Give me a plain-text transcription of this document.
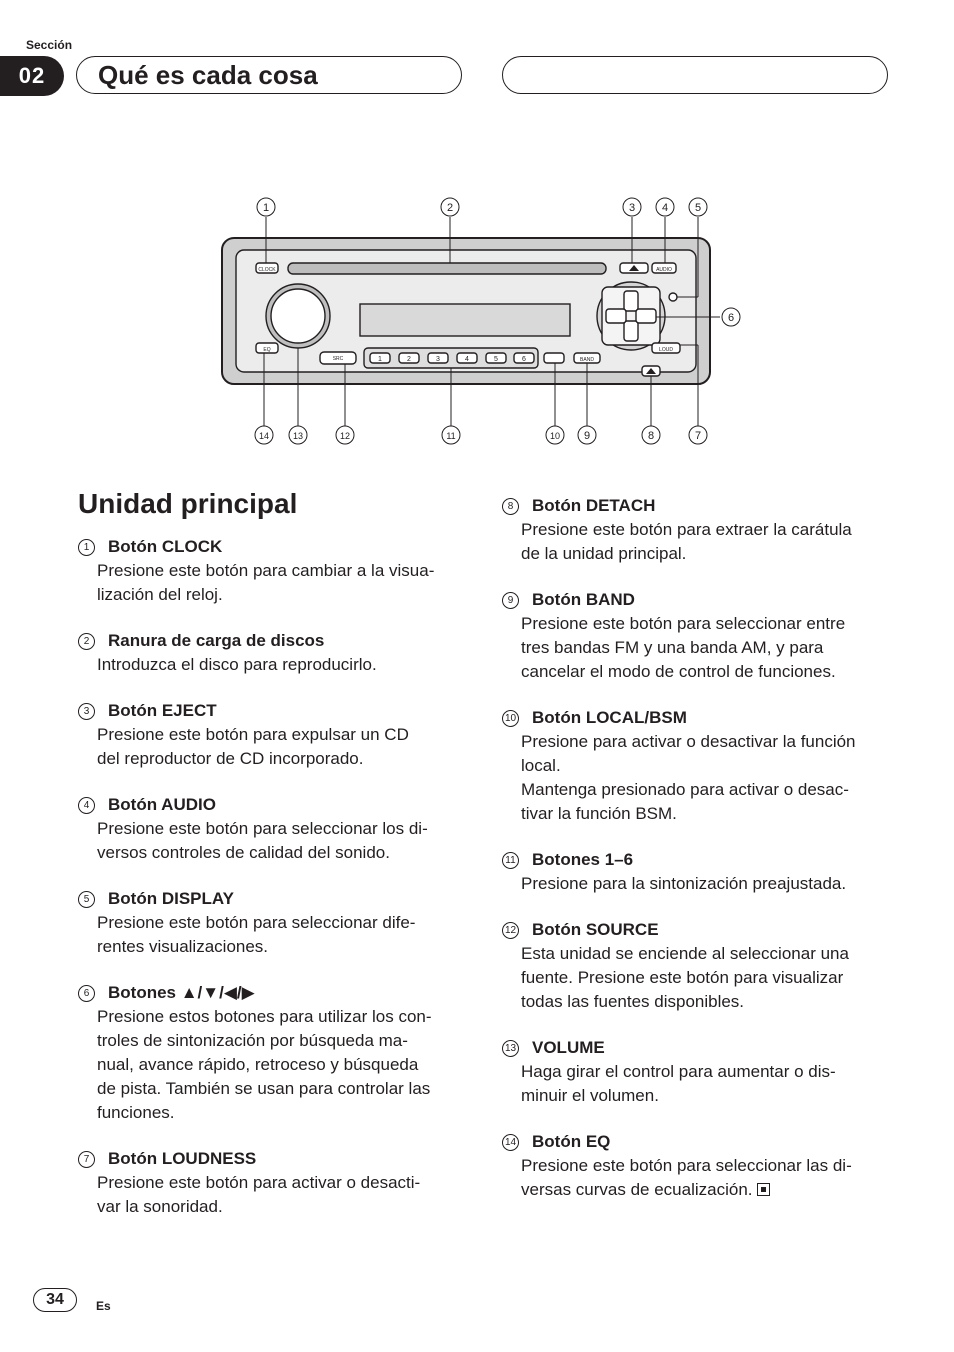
Sección
02	Qué es cada cosa
CLOCK	AUDIO
EQ
SRC	BAND
LOUD
1	2	3	4	5	6
1	2	3 4 5
6
14	13	12	11	10 9	8	7
Unidad principal
1	Botón CLOCK
Presione este botón para cambiar a la visua-
lización del reloj.
2	Ranura de carga de discos
Introduzca el disco para reproducirlo.
3	Botón EJECT
Presione este botón para expulsar un CD
del reproductor de CD incorporado.
4	Botón AUDIO
Presione este botón para seleccionar los di-
versos controles de calidad del sonido.
5	Botón DISPLAY
Presione este botón para seleccionar dife-
rentes visualizaciones.
6	Botones ▲/▼/◀/▶
Presione estos botones para utilizar los con-
troles de sintonización por búsqueda ma-
nual, avance rápido, retroceso y búsqueda
de pista. También se usan para controlar las
funciones.
7	Botón LOUDNESS
Presione este botón para activar o desacti-
var la sonoridad.
8	Botón DETACH
Presione este botón para extraer la carátula
de la unidad principal.
9	Botón BAND
Presione este botón para seleccionar entre
tres bandas FM y una banda AM, y para
cancelar el modo de control de funciones.
10 Botón LOCAL/BSM
Presione para activar o desactivar la función
local.
Mantenga presionado para activar o desac-
tivar la función BSM.
11 Botones 1–6
Presione para la sintonización preajustada.
12 Botón SOURCE
Esta unidad se enciende al seleccionar una
fuente. Presione este botón para visualizar
todas las fuentes disponibles.
13 VOLUME
Haga girar el control para aumentar o dis-
minuir el volumen.
14 Botón EQ
Presione este botón para seleccionar las di-
versas curvas de ecualización.
34	Es
